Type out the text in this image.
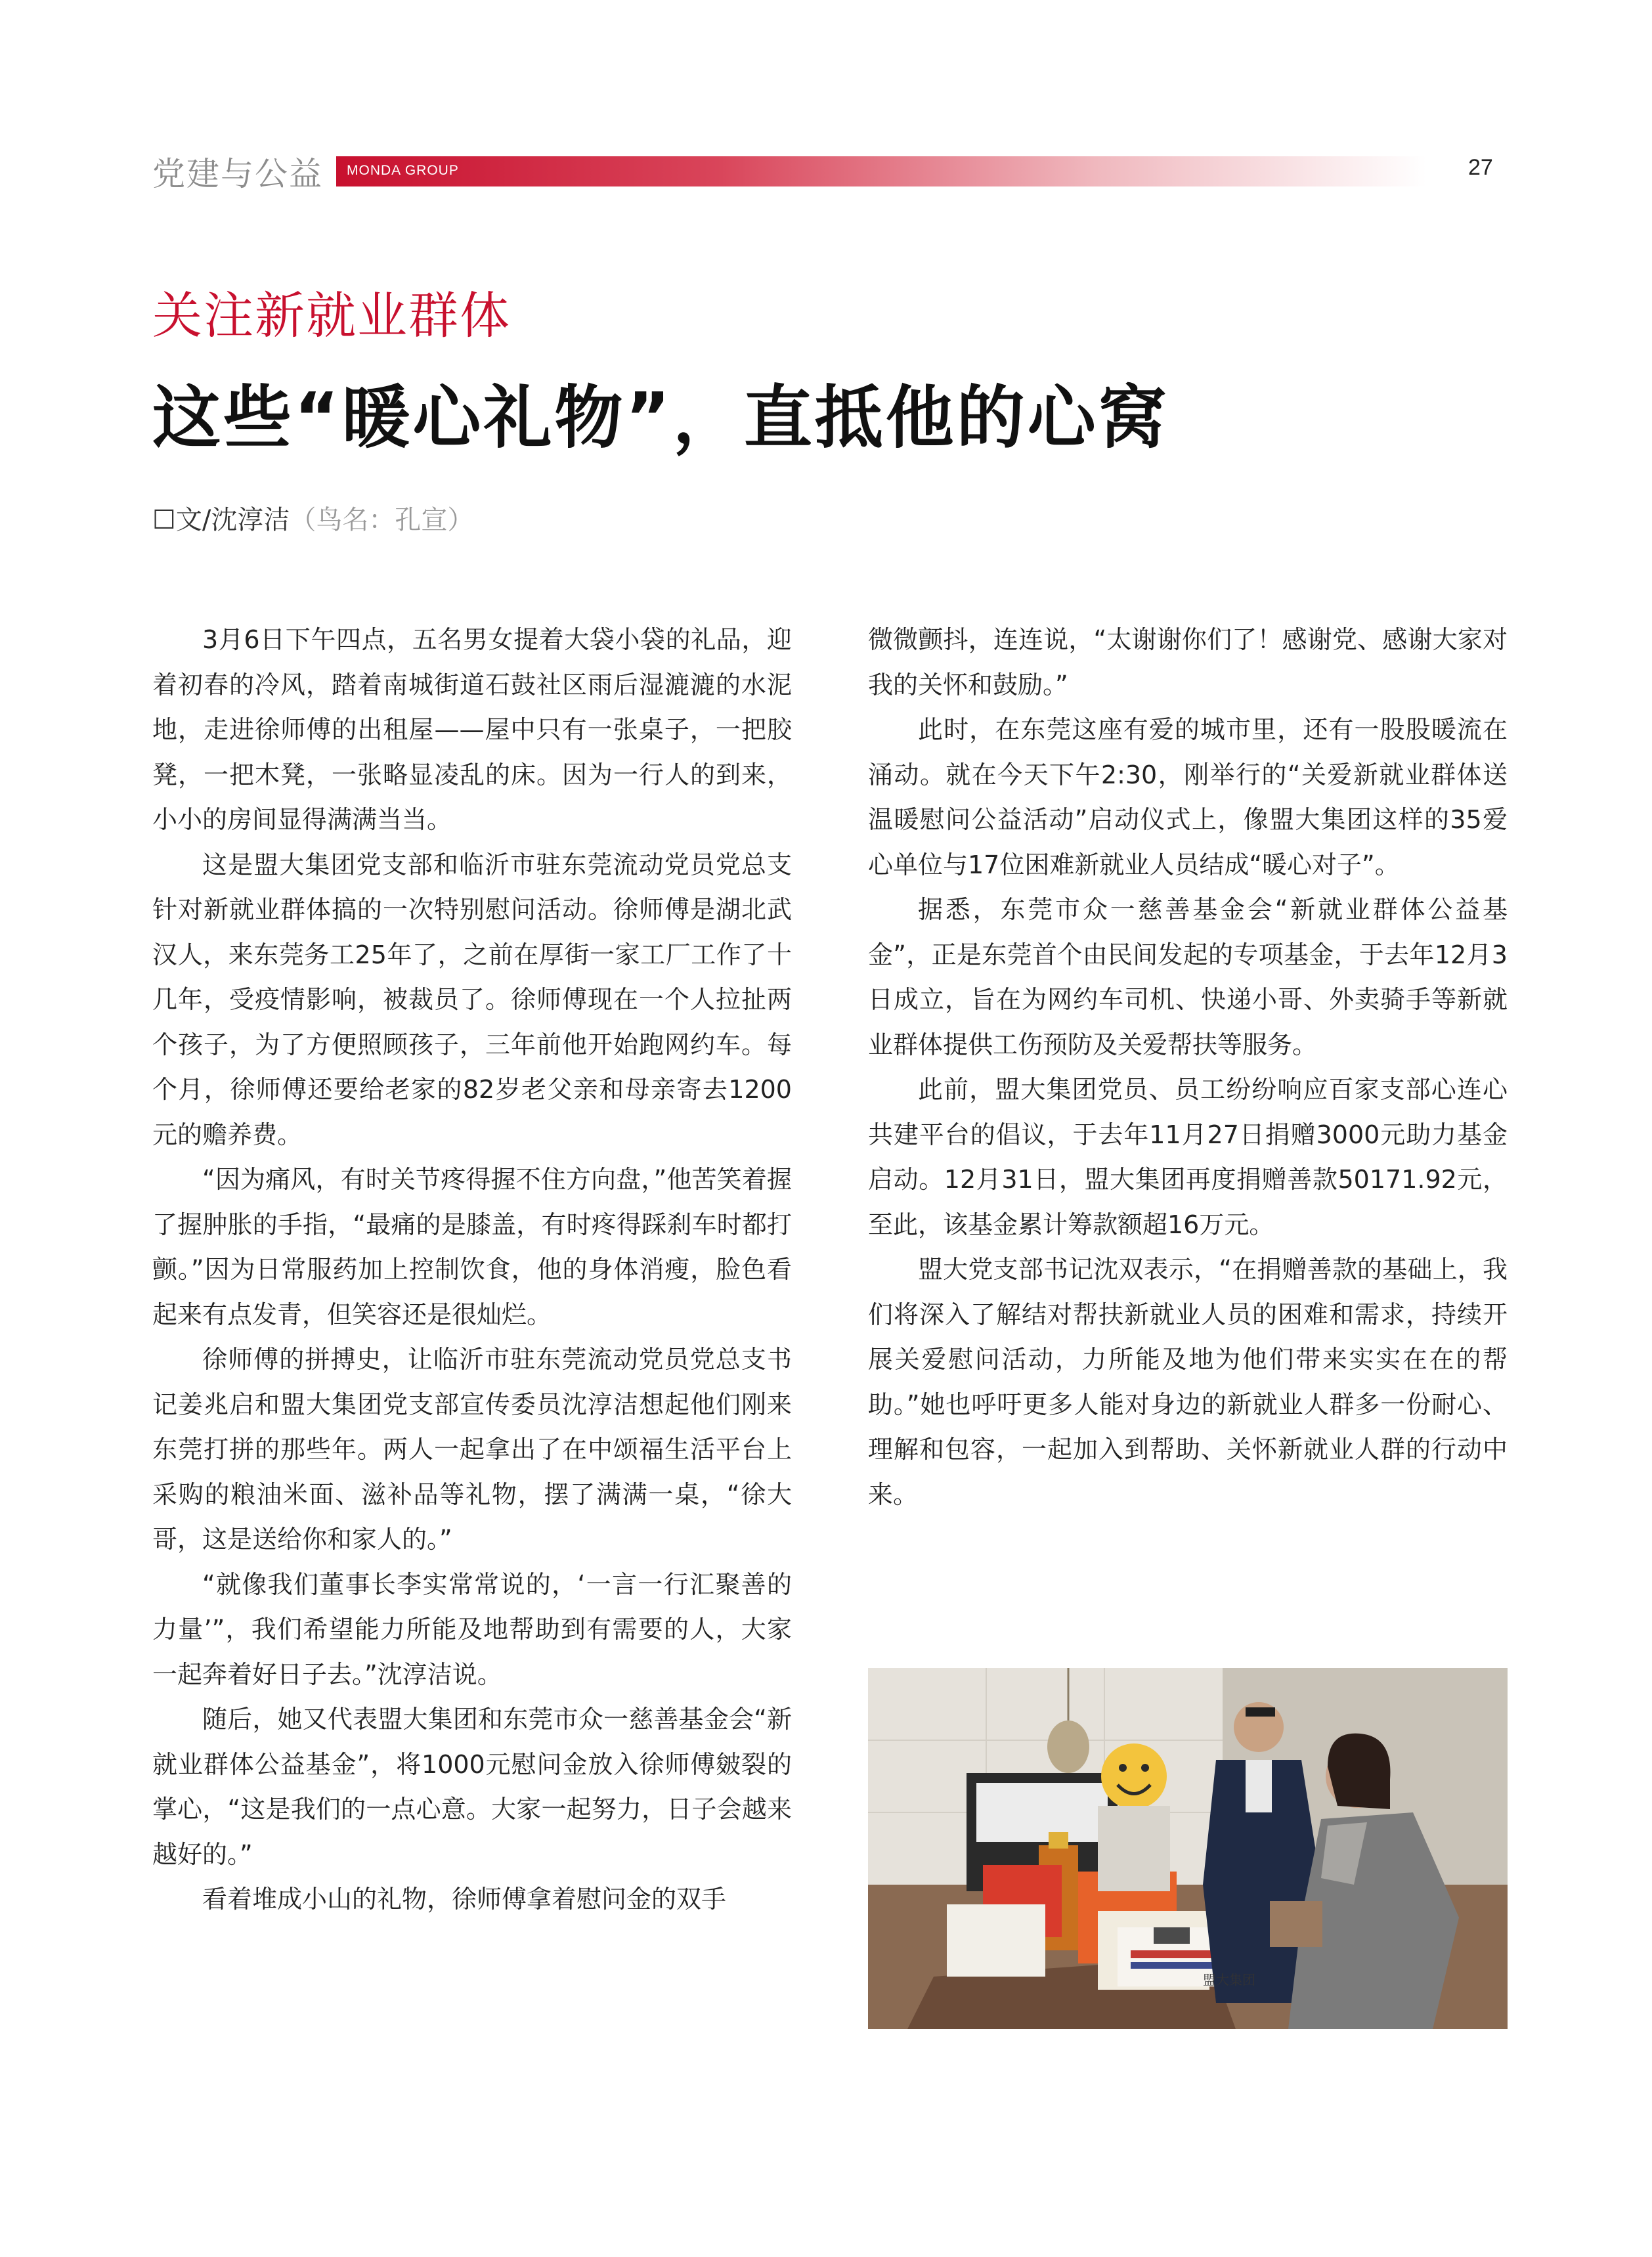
党建与公益 MONDA GROUP	27
关注新就业群体
这些“暖心礼物”，直抵他的心窝
☐文/沈淳洁（鸟名：孔宣）

3月6日下午四点，五名男女提着大袋小袋的礼品，迎着初春的冷风，踏着南城街道石鼓社区雨后湿漉漉的水泥地，走进徐师傅的出租屋——屋中只有一张桌子，一把胶凳，一把木凳，一张略显凌乱的床。因为一行人的到来，小小的房间显得满满当当。

这是盟大集团党支部和临沂市驻东莞流动党员党总支针对新就业群体搞的一次特别慰问活动。徐师傅是湖北武汉人，来东莞务工25年了，之前在厚街一家工厂工作了十几年，受疫情影响，被裁员了。徐师傅现在一个人拉扯两个孩子，为了方便照顾孩子，三年前他开始跑网约车。每个月，徐师傅还要给老家的82岁老父亲和母亲寄去1200元的赡养费。

“因为痛风，有时关节疼得握不住方向盘，”他苦笑着握了握肿胀的手指，“最痛的是膝盖，有时疼得踩刹车时都打颤。”因为日常服药加上控制饮食，他的身体消瘦，脸色看起来有点发青，但笑容还是很灿烂。

徐师傅的拼搏史，让临沂市驻东莞流动党员党总支书记姜兆启和盟大集团党支部宣传委员沈淳洁想起他们刚来东莞打拼的那些年。两人一起拿出了在中颂福生活平台上采购的粮油米面、滋补品等礼物，摆了满满一桌，“徐大哥，这是送给你和家人的。”

“就像我们董事长李实常常说的，‘一言一行汇聚善的力量’”，我们希望能力所能及地帮助到有需要的人，大家一起奔着好日子去。”沈淳洁说。

随后，她又代表盟大集团和东莞市众一慈善基金会“新就业群体公益基金”，将1000元慰问金放入徐师傅皴裂的掌心，“这是我们的一点心意。大家一起努力，日子会越来越好的。”

看着堆成小山的礼物，徐师傅拿着慰问金的双手

微微颤抖，连连说，“太谢谢你们了！感谢党、感谢大家对我的关怀和鼓励。”

此时，在东莞这座有爱的城市里，还有一股股暖流在涌动。就在今天下午2:30，刚举行的“关爱新就业群体送温暖慰问公益活动”启动仪式上，像盟大集团这样的35爱心单位与17位困难新就业人员结成“暖心对子”。

据悉，东莞市众一慈善基金会“新就业群体公益基金”，正是东莞首个由民间发起的专项基金，于去年12月3日成立，旨在为网约车司机、快递小哥、外卖骑手等新就业群体提供工伤预防及关爱帮扶等服务。

此前，盟大集团党员、员工纷纷响应百家支部心连心共建平台的倡议，于去年11月27日捐赠3000元助力基金启动。12月31日，盟大集团再度捐赠善款50171.92元，至此，该基金累计筹款额超16万元。

盟大党支部书记沈双表示，“在捐赠善款的基础上，我们将深入了解结对帮扶新就业人员的困难和需求，持续开展关爱慰问活动，力所能及地为他们带来实实在在的帮助。”她也呼吁更多人能对身边的新就业人群多一份耐心、理解和包容，一起加入到帮助、关怀新就业人群的行动中来。

盟大集团
